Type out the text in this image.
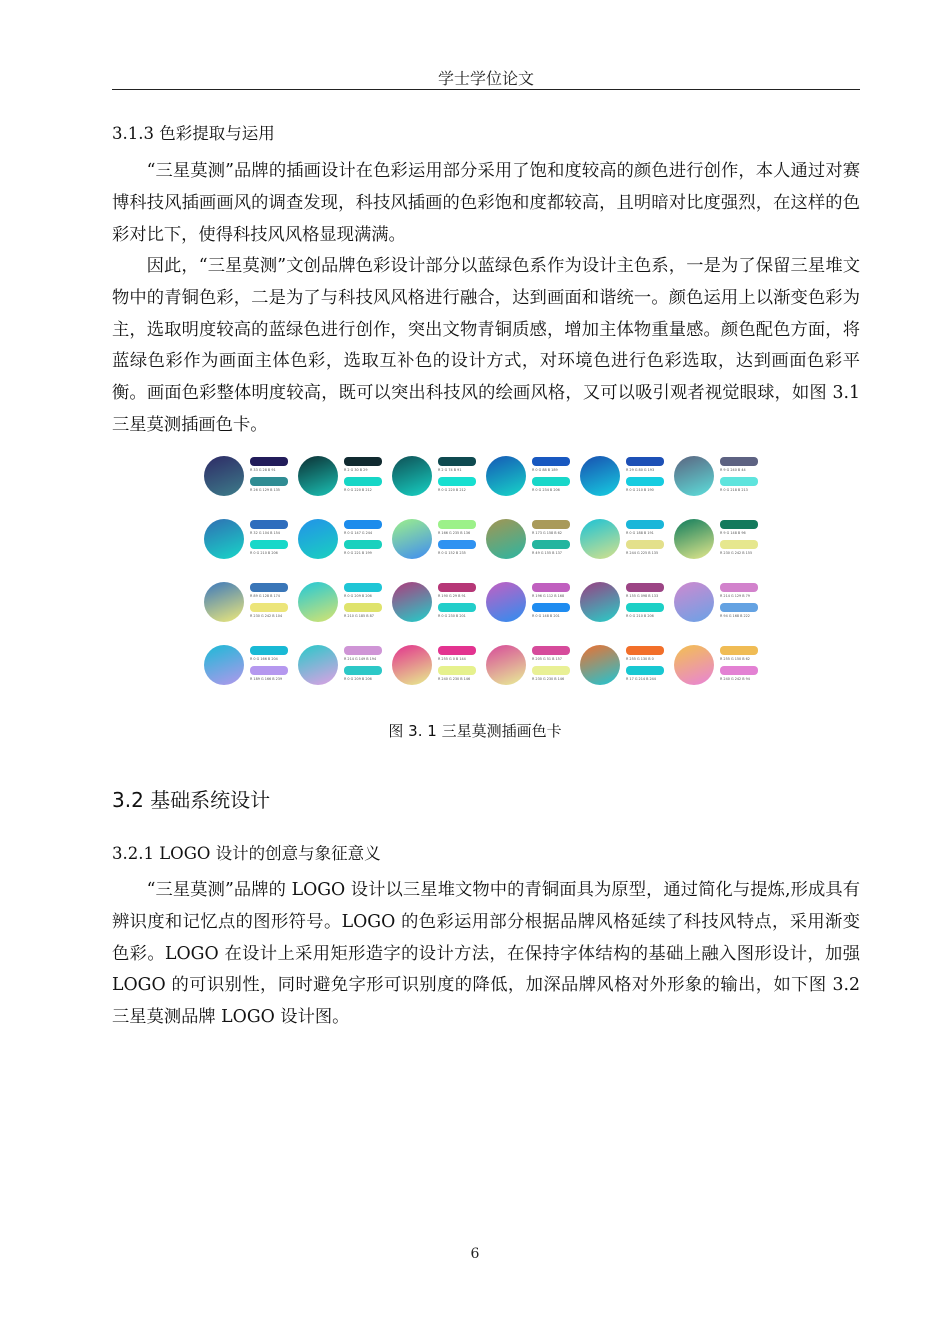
学士学位论文
3.1.3 色彩提取与运用

“三星莫测”品牌的插画设计在色彩运用部分采用了饱和度较高的颜色进行创作，本人通过对赛博科技风插画画风的调查发现，科技风插画的色彩饱和度都较高，且明暗对比度强烈，在这样的色彩对比下，使得科技风风格显现满满。

因此，“三星莫测”文创品牌色彩设计部分以蓝绿色系作为设计主色系，一是为了保留三星堆文物中的青铜色彩，二是为了与科技风风格进行融合，达到画面和谐统一。颜色运用上以渐变色彩为主，选取明度较高的蓝绿色进行创作，突出文物青铜质感，增加主体物重量感。颜色配色方面，将蓝绿色彩作为画面主体色彩，选取互补色的设计方式，对环境色进行色彩选取，达到画面色彩平衡。画面色彩整体明度较高，既可以突出科技风的绘画风格，又可以吸引观者视觉眼球，如图 3.1 三星莫测插画色卡。

R 33 G 28 B 91
R 26 G 129 B 135
R 2 G 30 B 29
R 0 G 220 B 212
R 2 G 74 B 91
R 0 G 220 B 212
R 0 G 88 B 189
R 0 G 234 B 206
R 29 G 80 G 193
R 0 G 210 B 190
R 9 G 240 B 44
R 0 G 218 B 213
R 32 G 104 B 154
R 0 G 210 B 206
R 0 G 147 G 244
R 0 G 221 B 199
R 166 G 235 B 136
R 0 G 152 B 235
R 173 G 158 B 62
R 49 G 155 B 137
R 0 G 188 B 191
R 244 G 225 B 135
R 9 G 148 B 96
R 230 G 242 B 155
R 89 G 128 B 174
R 230 G 242 B 104
R 0 G 209 B 206
R 210 G 185 B 87
R 190 G 29 B 91
R 0 G 230 B 201
R 196 G 112 B 168
R 0 G 148 B 201
R 155 G 098 B 133
R 0 G 210 B 206
R 214 G 129 B 79
R 94 G 168 B 222
R 0 G 166 B 204
R 189 G 166 B 239
R 214 G 149 B 194
R 0 G 209 B 206
R 255 G 0 B 144
R 240 G 230 B 146
R 205 G 51 B 157
R 230 G 230 B 146
R 255 G 130 B 0
R 17 G 214 B 244
R 255 G 150 B 62
R 240 G 242 B 94
图 3. 1 三星莫测插画色卡
3.2 基础系统设计
3.2.1 LOGO 设计的创意与象征意义

“三星莫测”品牌的 LOGO 设计以三星堆文物中的青铜面具为原型，通过简化与提炼,形成具有辨识度和记忆点的图形符号。LOGO 的色彩运用部分根据品牌风格延续了科技风特点，采用渐变色彩。LOGO 在设计上采用矩形造字的设计方法，在保持字体结构的基础上融入图形设计，加强 LOGO 的可识别性，同时避免字形可识别度的降低，加深品牌风格对外形象的输出，如下图 3.2 三星莫测品牌 LOGO 设计图。

6
